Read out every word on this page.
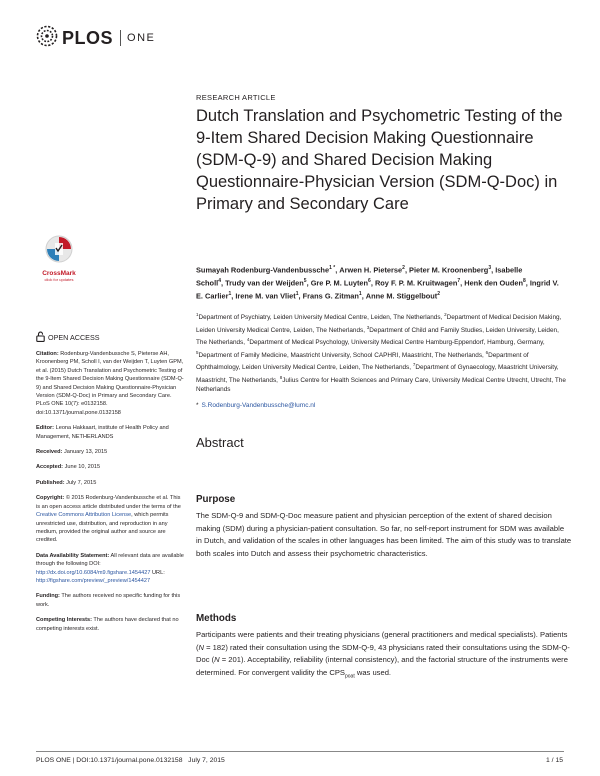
PLOS ONE
RESEARCH ARTICLE
Dutch Translation and Psychometric Testing of the 9-Item Shared Decision Making Questionnaire (SDM-Q-9) and Shared Decision Making Questionnaire-Physician Version (SDM-Q-Doc) in Primary and Secondary Care
Sumayah Rodenburg-Vandenbussche$^1$ *, Arwen H. Pieterse$^2$, Pieter M. Kroonenberg$^3$, Isabelle Scholl$^4$, Trudy van der Weijden$^5$, Gre P. M. Luyten$^6$, Roy F. P. M. Kruitwagen$^7$, Henk den Ouden$^8$, Ingrid V. E. Carlier$^1$, Irene M. van Vliet$^1$, Frans G. Zitman$^1$, Anne M. Stiggelbout$^2$
$^1$Department of Psychiatry, Leiden University Medical Centre, Leiden, The Netherlands, $^2$Department of Medical Decision Making, Leiden University Medical Centre, Leiden, The Netherlands, $^3$Department of Child and Family Studies, Leiden University, Leiden, The Netherlands, $^4$Department of Medical Psychology, University Medical Centre Hamburg-Eppendorf, Hamburg, Germany, $^5$Department of Family Medicine, Maastricht University, School CAPHRI, Maastricht, The Netherlands, $^6$Department of Ophthalmology, Leiden University Medical Centre, Leiden, The Netherlands, $^7$Department of Gynaecology, Maastricht University, Maastricht, The Netherlands, $^8$Julius Centre for Health Sciences and Primary Care, University Medical Centre Utrecht, Utrecht, The Netherlands
* S.Rodenburg-Vandenbussche@lumc.nl
CrossMark
click for updates
OPEN ACCESS

Citation: Rodenburg-Vandenbussche S, Pieterse AH, Kroonenberg PM, Scholl I, van der Weijden T, Luyten GPM, et al. (2015) Dutch Translation and Psychometric Testing of the 9-Item Shared Decision Making Questionnaire (SDM-Q-9) and Shared Decision Making Questionnaire-Physician Version (SDM-Q-Doc) in Primary and Secondary Care. PLoS ONE 10(7): e0132158. doi:10.1371/journal.pone.0132158

Editor: Leona Hakkaart, institute of Health Policy and Management, NETHERLANDS

Received: January 13, 2015

Accepted: June 10, 2015

Published: July 7, 2015

Copyright: © 2015 Rodenburg-Vandenbussche et al. This is an open access article distributed under the terms of the Creative Commons Attribution License, which permits unrestricted use, distribution, and reproduction in any medium, provided the original author and source are credited.

Data Availability Statement: All relevant data are available through the following DOI: http://dx.doi.org/10.6084/m9.figshare.1454427 URL: http://figshare.com/preview/_preview/1454427

Funding: The authors received no specific funding for this work.

Competing Interests: The authors have declared that no competing interests exist.

Abstract
Purpose
The SDM-Q-9 and SDM-Q-Doc measure patient and physician perception of the extent of shared decision making (SDM) during a physician-patient consultation. So far, no self-report instrument for SDM was available in Dutch, and validation of the scales in other languages has been limited. The aim of this study was to translate both scales into Dutch and assess their psychometric characteristics.
Methods
Participants were patients and their treating physicians (general practitioners and medical specialists). Patients (N = 182) rated their consultation using the SDM-Q-9, 43 physicians rated their consultations using the SDM-Q-Doc (N = 201). Acceptability, reliability (internal consistency), and the factorial structure of the instruments were determined. For convergent validity the $CPS_{poat}$ was used.
PLOS ONE | DOI:10.1371/journal.pone.0132158 July 7, 2015	1 / 15
